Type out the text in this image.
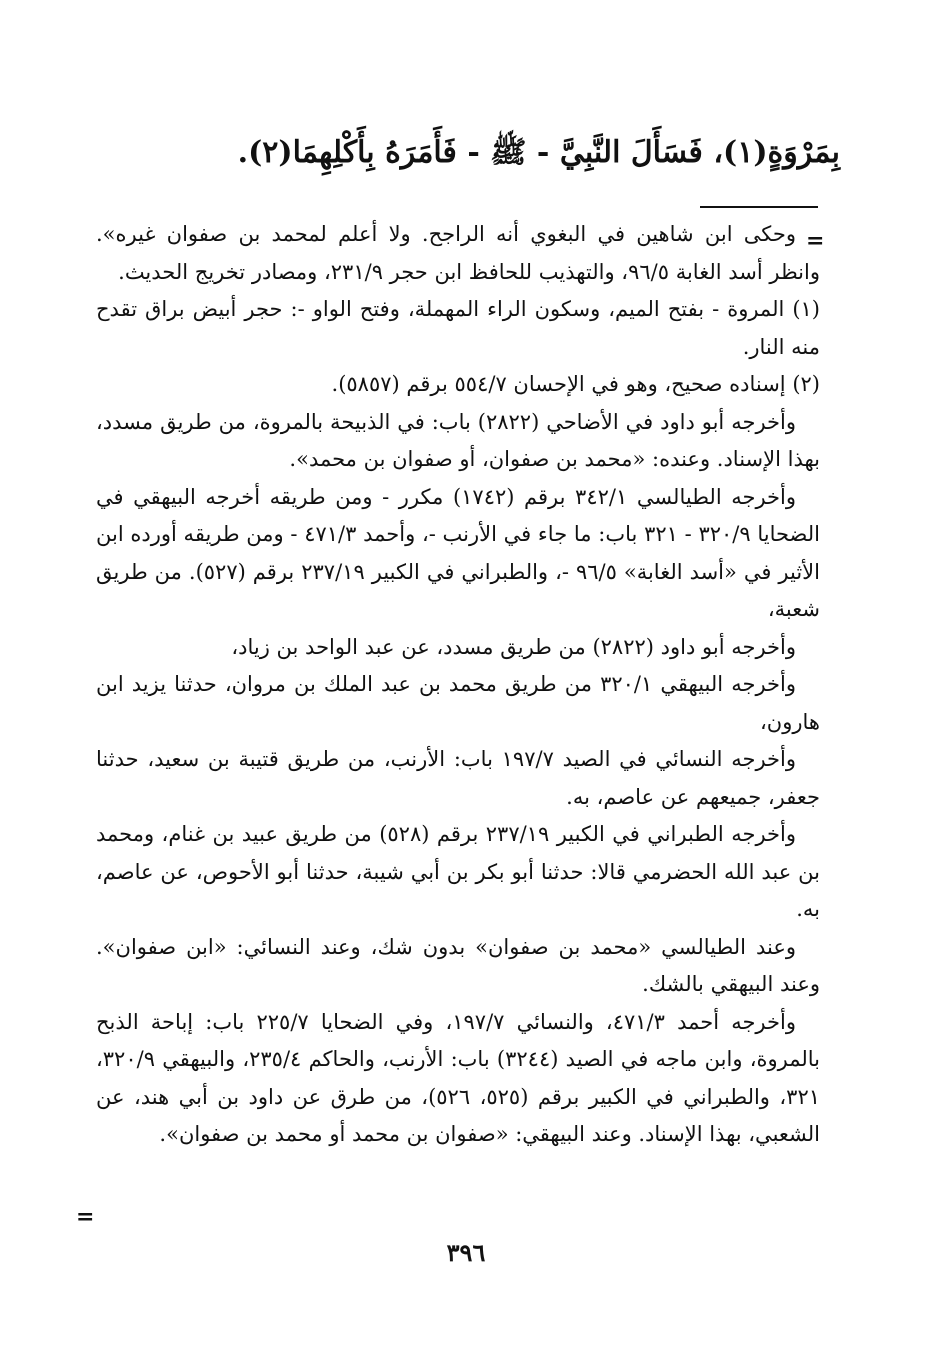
بِمَرْوَةٍ(١)، فَسَأَلَ النَّبِيَّ - ﷺ - فَأَمَرَهُ بِأَكْلِهِمَا(٢).
=

وحكى ابن شاهين في البغوي أنه الراجح. ولا أعلم لمحمد بن صفوان غيره». وانظر أسد الغابة ٩٦/٥، والتهذيب للحافظ ابن حجر ٢٣١/٩، ومصادر تخريج الحديث.

(١) المروة - بفتح الميم، وسكون الراء المهملة، وفتح الواو -: حجر أبيض براق تقدح منه النار.

(٢) إسناده صحيح، وهو في الإحسان ٥٥٤/٧ برقم (٥٨٥٧).

وأخرجه أبو داود في الأضاحي (٢٨٢٢) باب: في الذبيحة بالمروة، من طريق مسدد، بهذا الإسناد. وعنده: «محمد بن صفوان، أو صفوان بن محمد».

وأخرجه الطيالسي ٣٤٢/١ برقم (١٧٤٢) مكرر - ومن طريقه أخرجه البيهقي في الضحايا ٣٢٠/٩ - ٣٢١ باب: ما جاء في الأرنب -، وأحمد ٤٧١/٣ - ومن طريقه أورده ابن الأثير في «أسد الغابة» ٩٦/٥ -، والطبراني في الكبير ٢٣٧/١٩ برقم (٥٢٧). من طريق شعبة،

وأخرجه أبو داود (٢٨٢٢) من طريق مسدد، عن عبد الواحد بن زياد،

وأخرجه البيهقي ٣٢٠/١ من طريق محمد بن عبد الملك بن مروان، حدثنا يزيد ابن هارون،

وأخرجه النسائي في الصيد ١٩٧/٧ باب: الأرنب، من طريق قتيبة بن سعيد، حدثنا جعفر، جميعهم عن عاصم، به.

وأخرجه الطبراني في الكبير ٢٣٧/١٩ برقم (٥٢٨) من طريق عبيد بن غنام، ومحمد بن عبد الله الحضرمي قالا: حدثنا أبو بكر بن أبي شيبة، حدثنا أبو الأحوص، عن عاصم، به.

وعند الطيالسي «محمد بن صفوان» بدون شك، وعند النسائي: «ابن صفوان». وعند البيهقي بالشك.

وأخرجه أحمد ٤٧١/٣، والنسائي ١٩٧/٧، وفي الضحايا ٢٢٥/٧ باب: إباحة الذبح بالمروة، وابن ماجه في الصيد (٣٢٤٤) باب: الأرنب، والحاكم ٢٣٥/٤، والبيهقي ٣٢٠/٩، ٣٢١، والطبراني في الكبير برقم (٥٢٥، ٥٢٦)، من طرق عن داود بن أبي هند، عن الشعبي، بهذا الإسناد. وعند البيهقي: «صفوان بن محمد أو محمد بن صفوان».

=
٣٩٦
